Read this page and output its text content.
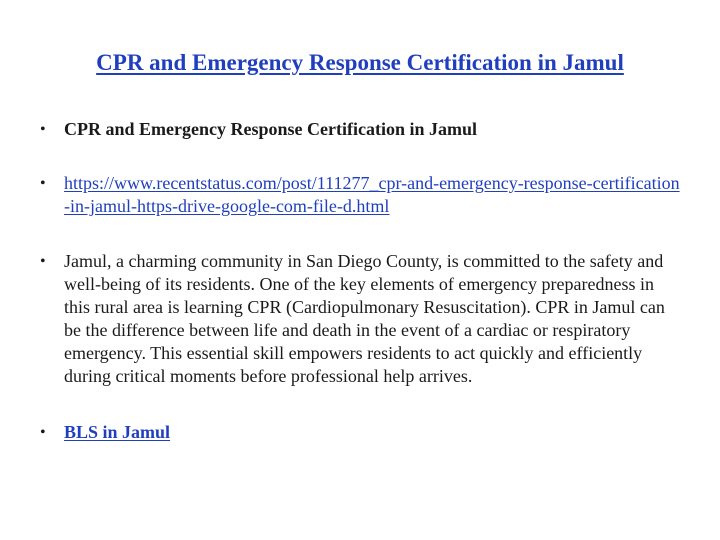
CPR and Emergency Response Certification in Jamul
• CPR and Emergency Response Certification in Jamul
• https://www.recentstatus.com/post/111277_cpr-and-emergency-response-certification-in-jamul-https-drive-google-com-file-d.html
• Jamul, a charming community in San Diego County, is committed to the safety and well-being of its residents. One of the key elements of emergency preparedness in this rural area is learning CPR (Cardiopulmonary Resuscitation). CPR in Jamul can be the difference between life and death in the event of a cardiac or respiratory emergency. This essential skill empowers residents to act quickly and efficiently during critical moments before professional help arrives.
• BLS in Jamul
